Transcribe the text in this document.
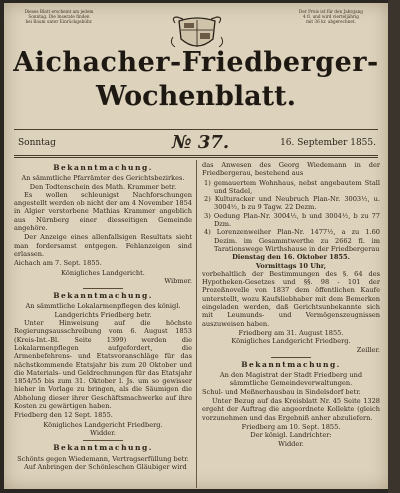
Dieses Blatt erscheint am jedem
Sonntag. Die Inserate finden
bei Baum unter Einrückgebühr.
Der Preis ist für den Jahrgang
4 fl. und wird vierteljährig
mit 36 kr. abgerechnet.
Aichacher-Friedberger-
Wochenblatt.
Sonntag	№ 37.	16. September 1855.

Bekanntmachung.

An sämmtliche Pfarrämter des Gerichtsbezirkes.

Den Todtenschein des Math. Krammer betr.

Es wollen schleunigst Nachforschungen angestellt werden ob nicht der am 4 November 1854 in Algier verstorbene Mathias Krammer angeblich aus Nürnberg einer diesseitigen Gemeinde angehöre.

Der Anzeige eines allenfallsigen Resultats sieht man fordersamst entgegen. Fehlanzeigen sind erlassen.

Aichach am 7. Sept. 1855.

Königliches Landgericht.

Wibmer.

Bekanntmachung.

An sämmtliche Lokalarmenpflegen des königl. Landgerichts Friedberg betr.

Unter Hinweisung auf die höchste Regierungsausschreibung vom 6. August 1853 (Kreis-Int.-Bl. Seite 1399) werden die Lokalarmenpflegen aufgefordert, die Armenbefehrens- und Etatsvoranschläge für das nächstkommende Etatsjahr bis zum 20 Oktober und die Materials- und Geldrechnungen für das Etatsjahr 1854/55 bis zum 31. Oktober l. Js. um so gewisser hieher in Vorlage zu bringen, als die Säumigen die Abholung dieser ihrer Geschäftsmachwerke auf ihre Kosten zu gewärtigen haben.

Friedberg den 12 Sept. 1855.

Königliches Landgericht Friedberg.

Widder.

Bekanntmachung.

Schönts gegen Wiedemann, Vertragserfüllung betr.

Auf Anbringen der Schönleschen Gläubiger wird

das Anwesen des Georg Wiedemann in der Friedbergerau, bestehend aus

1) gemauertem Wohnhaus, nebst angebautem Stall und Stadel,

2) Kulturacker und Neubruch Plan-Nr. 3003½, u. 3004½, b zu 9 Tagw. 22 Dezm.

3) Oedung Plan-Nr. 3004½, b und 3004½, b zu 77 Dzm.

4) Lorenzenweiher Plan-Nr. 1477½, a zu 1.60 Dezim. im Gesammtwerthe zu 2662 fl. im Tarationswege Wirthshause in der Friedbergerau

Dienstag den 16. Oktober 1855.

Vormittags 10 Uhr,

vorbehaltlich der Bestimmungen des §. 64 des Hypotheken-Gesetzes und §§. 98 - 101 der Prozeßnovelle von 1837 dem öffentlichen Kaufe unterstellt, wozu Kaufsliebhaber mit dem Bemerken eingeladen werden, daß Gerichtsunbekannte sich mit Leumunds- und Vermögenszeugnissen auszuweisen haben.

Friedberg am 31. August 1855.

Königliches Landgericht Friedberg.

Zeiller.

Bekanntmachung.

An den Magistrat der Stadt Friedberg und sämmtliche Gemeindeverwaltungen.

Schul- und Meßnerhausbau in Sindelsdorf betr.

Unter Bezug auf das Kreisblatt Nr. 45 Seite 1328 ergeht der Auftrag die angeordnete Kollekte (gleich vorzunehmen und das Ergebniß anher abzuliefern.

Friedberg am 10. Sept. 1855.

Der königl. Landrichter:

Widder.
